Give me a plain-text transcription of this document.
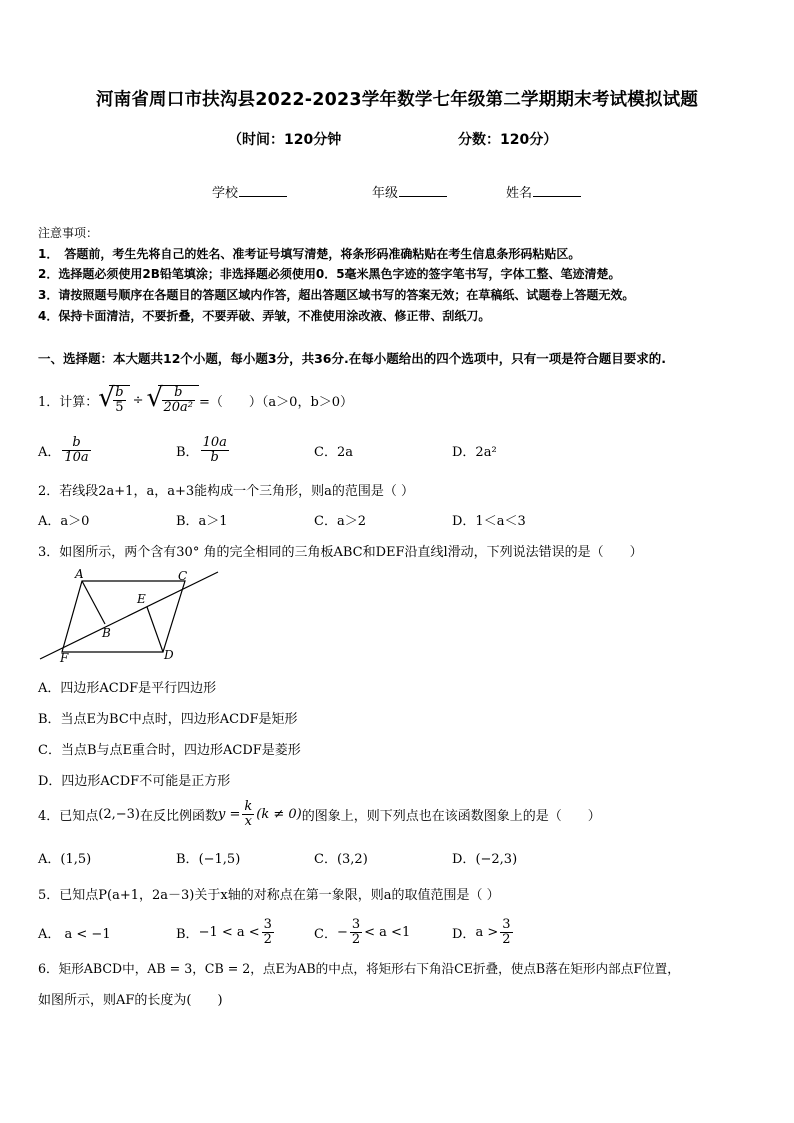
河南省周口市扶沟县2022-2023学年数学七年级第二学期期末考试模拟试题
（时间：120分钟	分数：120分）
学校	年级	姓名
注意事项：
1．　答题前，考生先将自己的姓名、准考证号填写清楚，将条形码准确粘贴在考生信息条形码粘贴区。
2．选择题必须使用2B铅笔填涂；非选择题必须使用0．5毫米黑色字迹的签字笔书写，字体工整、笔迹清楚。
3．请按照题号顺序在各题目的答题区域内作答，超出答题区域书写的答案无效；在草稿纸、试题卷上答题无效。
4．保持卡面清洁，不要折叠，不要弄破、弄皱，不准使用涂改液、修正带、刮纸刀。
一、选择题：本大题共12个小题，每小题3分，共36分.在每小题给出的四个选项中，只有一项是符合题目要求的.
1．计算： √
$\frac{b}{5}$ ÷ √
$\frac{b}{\text{20a²}}$ =（　　）（a＞0，b＞0）
A． $\frac{b}{10a}$	B． $\frac{10a}{b}$	C．2a	D．2a²
2．若线段2a+1，a，a+3能构成一个三角形，则a的范围是（ ）
A．a＞0	B．a＞1	C．a＞2	D．1＜a＜3
3．如图所示，两个含有30° 角的完全相同的三角板ABC和DEF沿直线l滑动，下列说法错误的是（　　）
A	C
E
B
F	D
A．四边形ACDF是平行四边形
B．当点E为BC中点时，四边形ACDF是矩形
C．当点B与点E重合时，四边形ACDF是菱形
D．四边形ACDF不可能是正方形
4．已知点 (2,−3) 在反比例函数 $y = \frac{k}{x} (k \ne 0)$ 的图象上，则下列点也在该函数图象上的是（　　）
A．(1,5)	B．(−1,5)	C．(3,2)	D．(−2,3)
5．已知点P(a+1，2a－3)关于x轴的对称点在第一象限，则a的取值范围是（ ）
A． a < −1	B． $-1 < a < \frac{3}{2}$	C． − $\frac{3}{2} < a <1$	D． $a > \frac{3}{2}$
6．矩形ABCD中，AB = 3，CB = 2，点E为AB的中点，将矩形右下角沿CE折叠，使点B落在矩形内部点F位置，
如图所示，则AF的长度为(　　)
